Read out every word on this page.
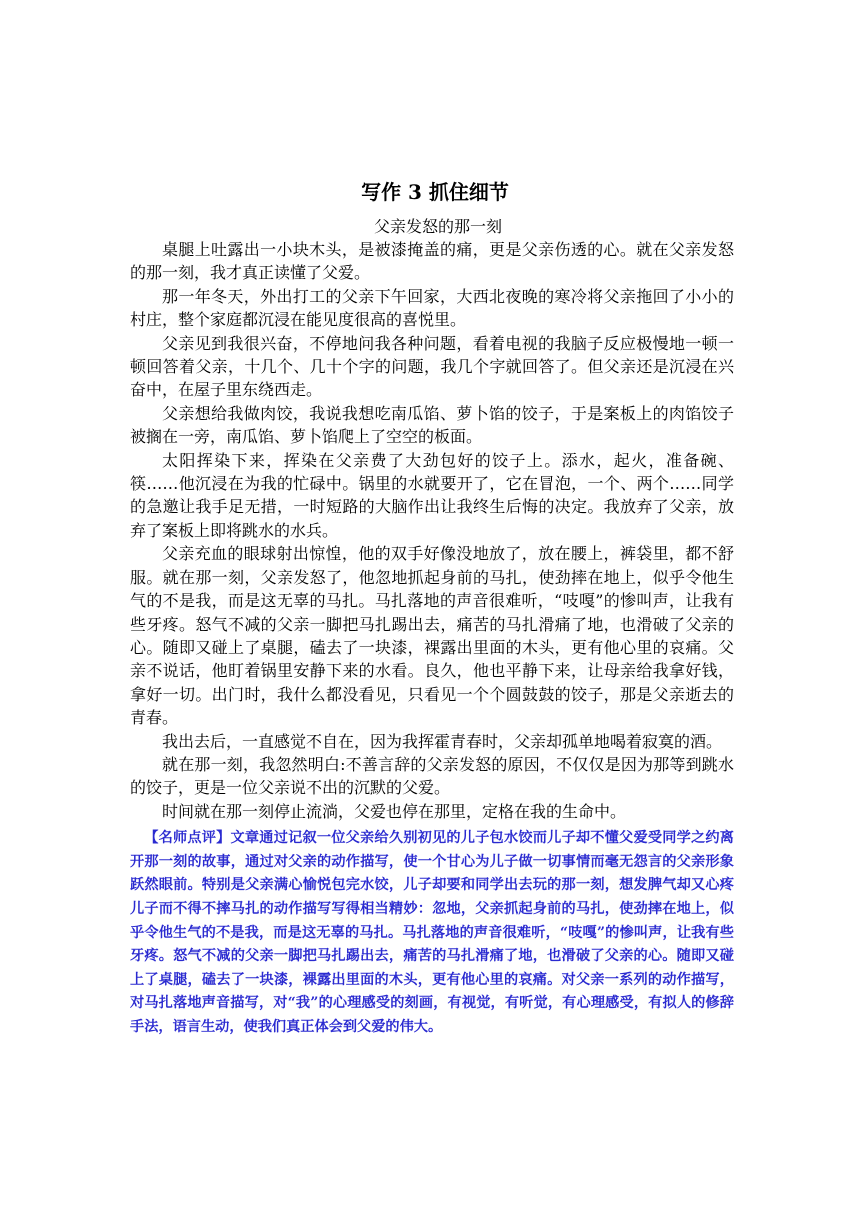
写作 3 抓住细节
父亲发怒的那一刻

桌腿上吐露出一小块木头，是被漆掩盖的痛，更是父亲伤透的心。就在父亲发怒的那一刻，我才真正读懂了父爱。

那一年冬天，外出打工的父亲下午回家，大西北夜晚的寒冷将父亲拖回了小小的村庄，整个家庭都沉浸在能见度很高的喜悦里。

父亲见到我很兴奋，不停地问我各种问题，看着电视的我脑子反应极慢地一顿一顿回答着父亲，十几个、几十个字的问题，我几个字就回答了。但父亲还是沉浸在兴奋中，在屋子里东绕西走。

父亲想给我做肉饺，我说我想吃南瓜馅、萝卜馅的饺子，于是案板上的肉馅饺子被搁在一旁，南瓜馅、萝卜馅爬上了空空的板面。

太阳挥染下来，挥染在父亲费了大劲包好的饺子上。添水，起火，准备碗、筷……他沉浸在为我的忙碌中。锅里的水就要开了，它在冒泡，一个、两个……同学的急邀让我手足无措，一时短路的大脑作出让我终生后悔的决定。我放弃了父亲，放弃了案板上即将跳水的水兵。

父亲充血的眼球射出惊惶，他的双手好像没地放了，放在腰上，裤袋里，都不舒服。就在那一刻，父亲发怒了，他忽地抓起身前的马扎，使劲摔在地上，似乎令他生气的不是我，而是这无辜的马扎。马扎落地的声音很难听，“吱嘎”的惨叫声，让我有些牙疼。怒气不减的父亲一脚把马扎踢出去，痛苦的马扎滑痛了地，也滑破了父亲的心。随即又碰上了桌腿，磕去了一块漆，裸露出里面的木头，更有他心里的哀痛。父亲不说话，他盯着锅里安静下来的水看。良久，他也平静下来，让母亲给我拿好钱，拿好一切。出门时，我什么都没看见，只看见一个个圆鼓鼓的饺子，那是父亲逝去的青春。

我出去后，一直感觉不自在，因为我挥霍青春时，父亲却孤单地喝着寂寞的酒。

就在那一刻，我忽然明白:不善言辞的父亲发怒的原因，不仅仅是因为那等到跳水的饺子，更是一位父亲说不出的沉默的父爱。

时间就在那一刻停止流淌，父爱也停在那里，定格在我的生命中。

【名师点评】文章通过记叙一位父亲给久别初见的儿子包水饺而儿子却不懂父爱受同学之约离开那一刻的故事，通过对父亲的动作描写，使一个甘心为儿子做一切事情而毫无怨言的父亲形象跃然眼前。特别是父亲满心愉悦包完水饺，儿子却要和同学出去玩的那一刻，想发脾气却又心疼儿子而不得不摔马扎的动作描写写得相当精妙：忽地，父亲抓起身前的马扎，使劲摔在地上，似乎令他生气的不是我，而是这无辜的马扎。马扎落地的声音很难听，“吱嘎”的惨叫声，让我有些牙疼。怒气不减的父亲一脚把马扎踢出去，痛苦的马扎滑痛了地，也滑破了父亲的心。随即又碰上了桌腿，磕去了一块漆，裸露出里面的木头，更有他心里的哀痛。对父亲一系列的动作描写，对马扎落地声音描写，对“我”的心理感受的刻画，有视觉，有听觉，有心理感受，有拟人的修辞手法，语言生动，使我们真正体会到父爱的伟大。
